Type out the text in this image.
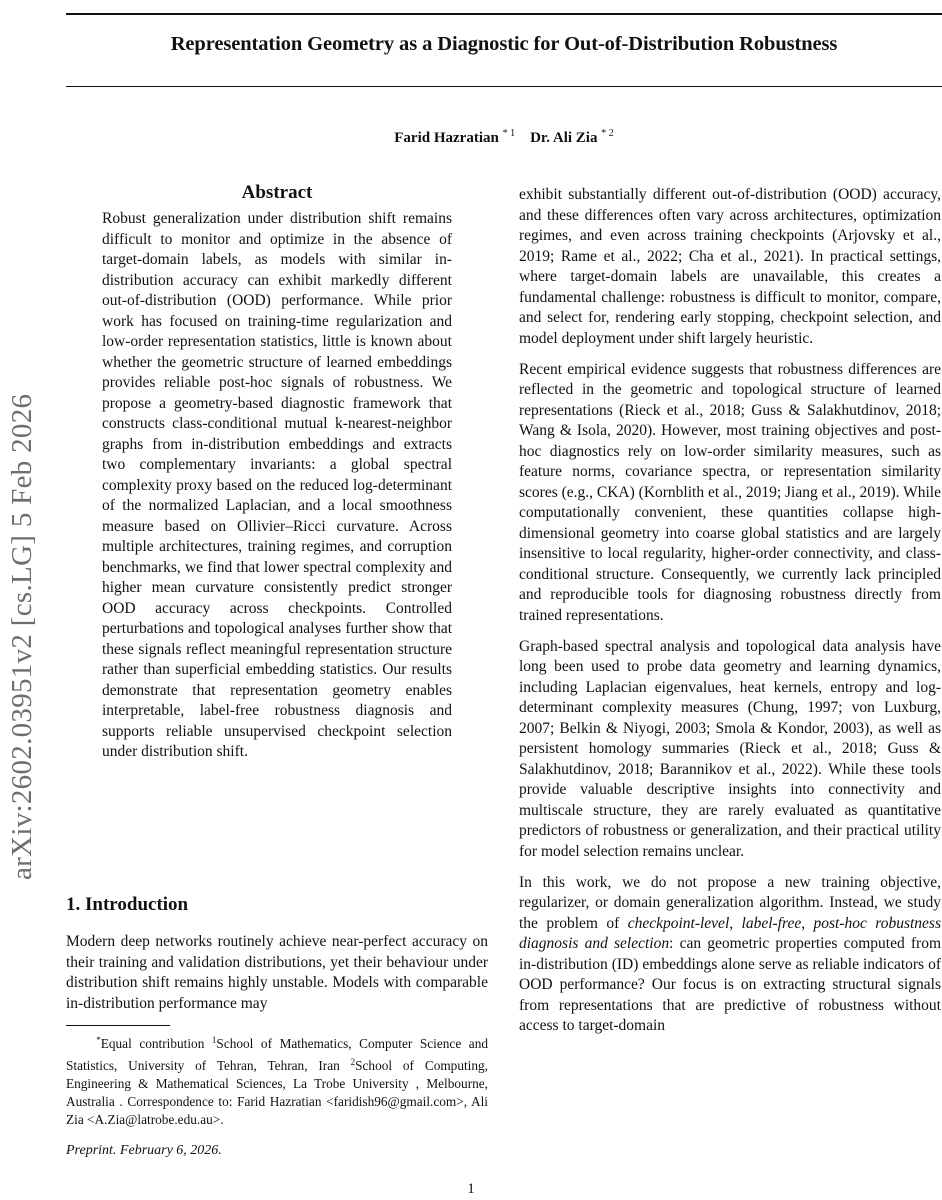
Representation Geometry as a Diagnostic for Out-of-Distribution Robustness
Farid Hazratian $^{* 1}$ Dr. Ali Zia $^{* 2}$
arXiv:2602.03951v2 [cs.LG] 5 Feb 2026
Abstract
Robust generalization under distribution shift remains difficult to monitor and optimize in the absence of target-domain labels, as models with similar in-distribution accuracy can exhibit markedly different out-of-distribution (OOD) performance. While prior work has focused on training-time regularization and low-order representation statistics, little is known about whether the geometric structure of learned embeddings provides reliable post-hoc signals of robustness. We propose a geometry-based diagnostic framework that constructs class-conditional mutual k-nearest-neighbor graphs from in-distribution embeddings and extracts two complementary invariants: a global spectral complexity proxy based on the reduced log-determinant of the normalized Laplacian, and a local smoothness measure based on Ollivier–Ricci curvature. Across multiple architectures, training regimes, and corruption benchmarks, we find that lower spectral complexity and higher mean curvature consistently predict stronger OOD accuracy across checkpoints. Controlled perturbations and topological analyses further show that these signals reflect meaningful representation structure rather than superficial embedding statistics. Our results demonstrate that representation geometry enables interpretable, label-free robustness diagnosis and supports reliable unsupervised checkpoint selection under distribution shift.
1. Introduction
Modern deep networks routinely achieve near-perfect accuracy on their training and validation distributions, yet their behaviour under distribution shift remains highly unstable. Models with comparable in-distribution performance may
*Equal contribution $^1$School of Mathematics, Computer Science and Statistics, University of Tehran, Tehran, Iran $^2$School of Computing, Engineering & Mathematical Sciences, La Trobe University , Melbourne, Australia . Correspondence to: Farid Hazratian <faridish96@gmail.com>, Ali Zia <A.Zia@latrobe.edu.au>.
Preprint. February 6, 2026.

exhibit substantially different out-of-distribution (OOD) accuracy, and these differences often vary across architectures, optimization regimes, and even across training checkpoints (Arjovsky et al., 2019; Rame et al., 2022; Cha et al., 2021). In practical settings, where target-domain labels are unavailable, this creates a fundamental challenge: robustness is difficult to monitor, compare, and select for, rendering early stopping, checkpoint selection, and model deployment under shift largely heuristic.

Recent empirical evidence suggests that robustness differences are reflected in the geometric and topological structure of learned representations (Rieck et al., 2018; Guss & Salakhutdinov, 2018; Wang & Isola, 2020). However, most training objectives and post-hoc diagnostics rely on low-order similarity measures, such as feature norms, covariance spectra, or representation similarity scores (e.g., CKA) (Kornblith et al., 2019; Jiang et al., 2019). While computationally convenient, these quantities collapse high-dimensional geometry into coarse global statistics and are largely insensitive to local regularity, higher-order connectivity, and class-conditional structure. Consequently, we currently lack principled and reproducible tools for diagnosing robustness directly from trained representations.

Graph-based spectral analysis and topological data analysis have long been used to probe data geometry and learning dynamics, including Laplacian eigenvalues, heat kernels, entropy and log-determinant complexity measures (Chung, 1997; von Luxburg, 2007; Belkin & Niyogi, 2003; Smola & Kondor, 2003), as well as persistent homology summaries (Rieck et al., 2018; Guss & Salakhutdinov, 2018; Barannikov et al., 2022). While these tools provide valuable descriptive insights into connectivity and multiscale structure, they are rarely evaluated as quantitative predictors of robustness or generalization, and their practical utility for model selection remains unclear.

In this work, we do not propose a new training objective, regularizer, or domain generalization algorithm. Instead, we study the problem of checkpoint-level, label-free, post-hoc robustness diagnosis and selection: can geometric properties computed from in-distribution (ID) embeddings alone serve as reliable indicators of OOD performance? Our focus is on extracting structural signals from representations that are predictive of robustness without access to target-domain

1
